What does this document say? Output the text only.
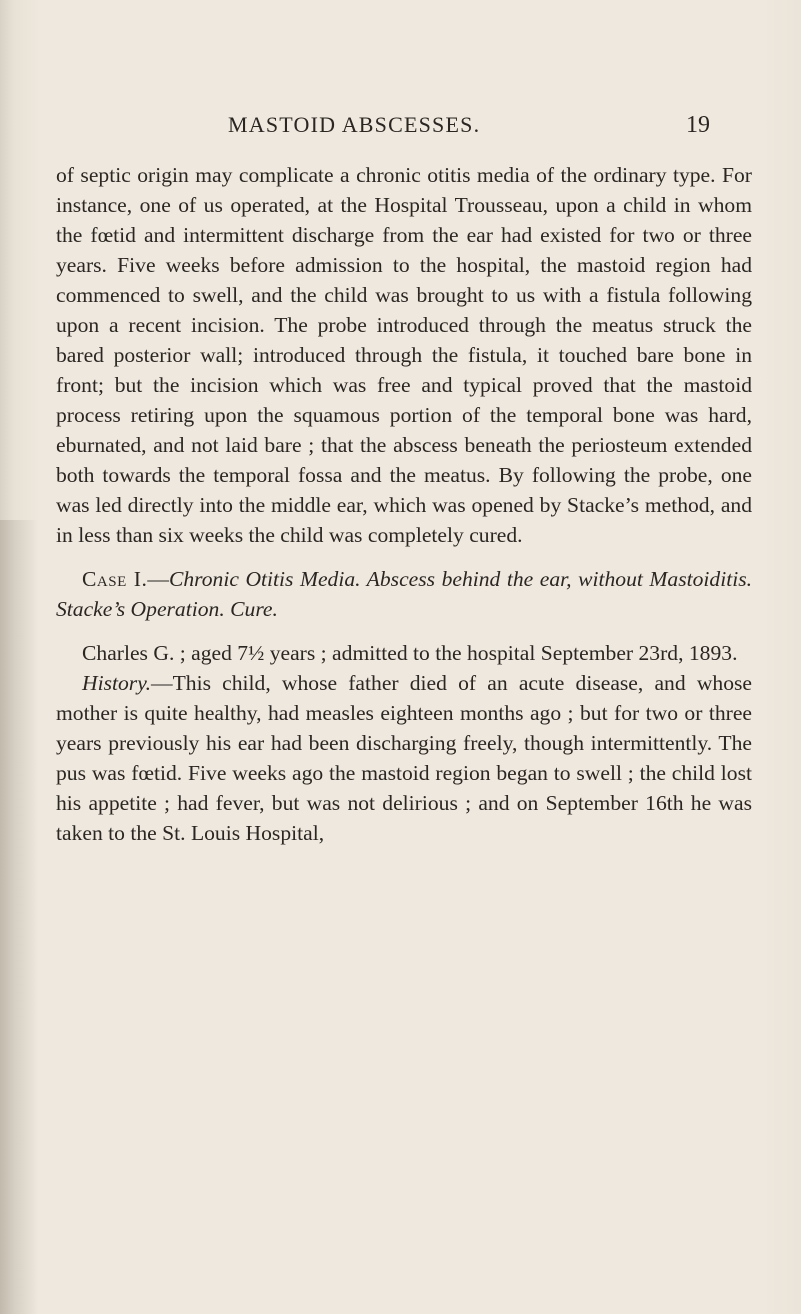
MASTOID ABSCESSES.	19

of septic origin may complicate a chronic otitis media of the ordinary type. For instance, one of us operated, at the Hospital Trousseau, upon a child in whom the fœtid and intermittent discharge from the ear had existed for two or three years. Five weeks before admission to the hospital, the mastoid region had commenced to swell, and the child was brought to us with a fistula following upon a recent incision. The probe introduced through the meatus struck the bared posterior wall; introduced through the fistula, it touched bare bone in front; but the incision which was free and typical proved that the mastoid process retiring upon the squamous portion of the temporal bone was hard, eburnated, and not laid bare ; that the abscess beneath the periosteum extended both towards the temporal fossa and the meatus. By following the probe, one was led directly into the middle ear, which was opened by Stacke’s method, and in less than six weeks the child was completely cured.

Case I.—Chronic Otitis Media. Abscess behind the ear, without Mastoiditis. Stacke’s Operation. Cure.

Charles G. ; aged 7½ years ; admitted to the hospital September 23rd, 1893.

History.—This child, whose father died of an acute disease, and whose mother is quite healthy, had measles eighteen months ago ; but for two or three years previously his ear had been discharging freely, though intermittently. The pus was fœtid. Five weeks ago the mastoid region began to swell ; the child lost his appetite ; had fever, but was not delirious ; and on September 16th he was taken to the St. Louis Hospital,
